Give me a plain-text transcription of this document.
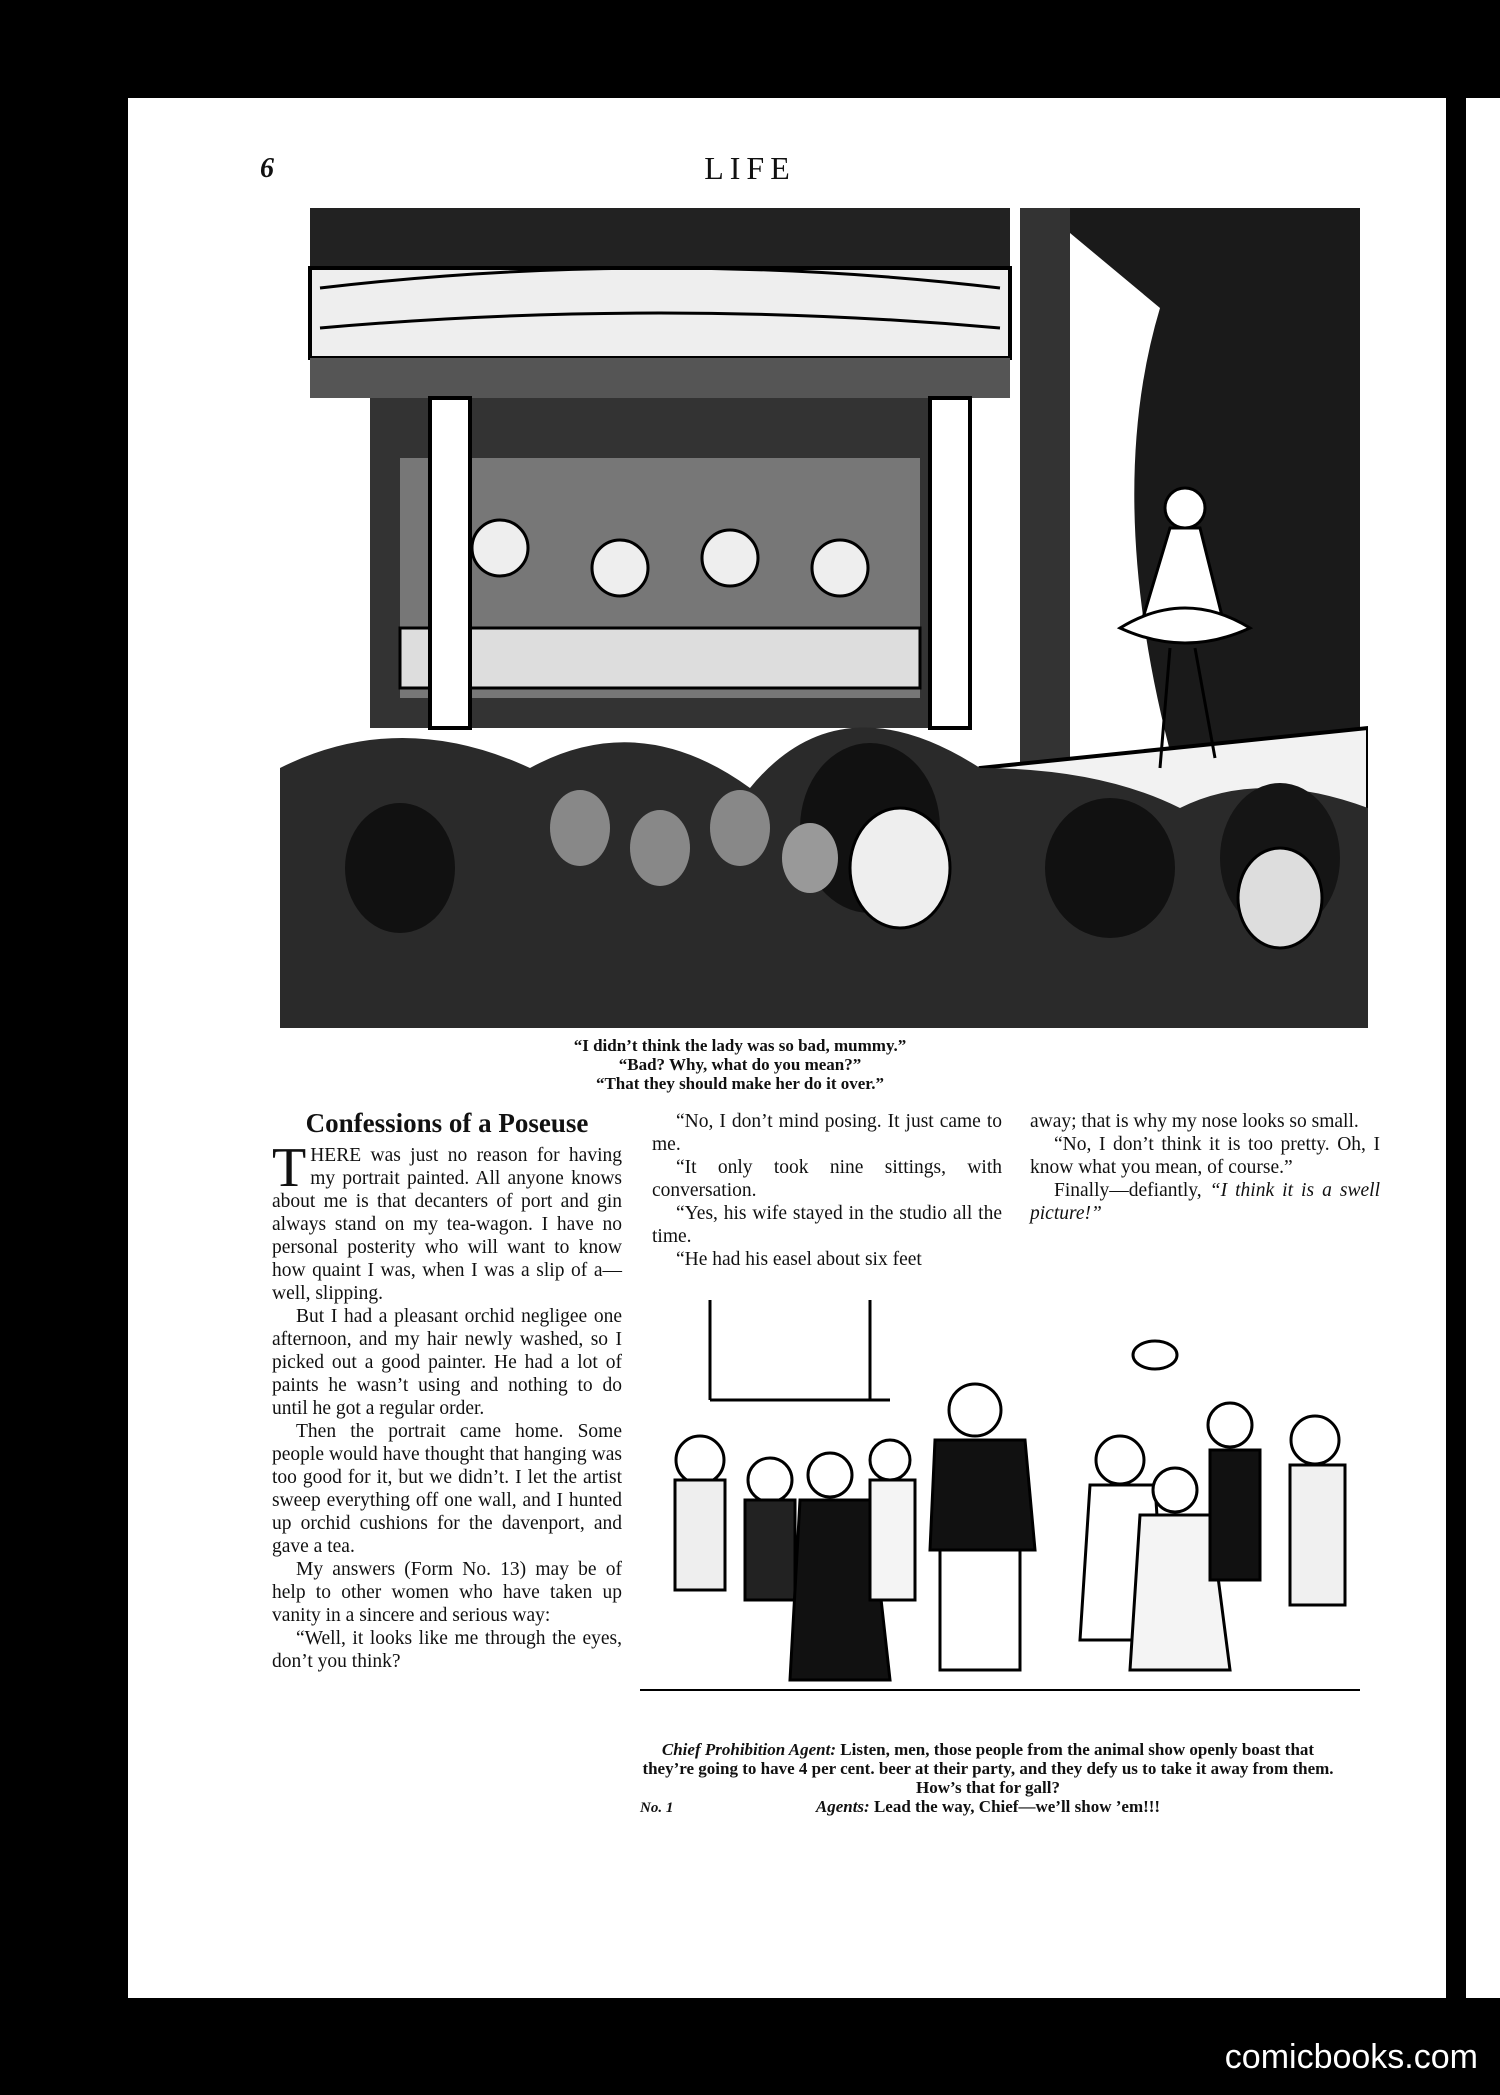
6	LIFE
“I didn’t think the lady was so bad, mummy.”
“Bad? Why, what do you mean?”
“That they should make her do it over.”
Confessions of a Poseuse

THERE was just no reason for having my portrait painted. All anyone knows about me is that decanters of port and gin always stand on my tea-wagon. I have no personal posterity who will want to know how quaint I was, when I was a slip of a—well, slipping.

But I had a pleasant orchid negligee one afternoon, and my hair newly washed, so I picked out a good painter. He had a lot of paints he wasn’t using and nothing to do until he got a regular order.

Then the portrait came home. Some people would have thought that hanging was too good for it, but we didn’t. I let the artist sweep everything off one wall, and I hunted up orchid cushions for the davenport, and gave a tea.

My answers (Form No. 13) may be of help to other women who have taken up vanity in a sincere and serious way:

“Well, it looks like me through the eyes, don’t you think?

“No, I don’t mind posing. It just came to me.

“It only took nine sittings, with conversation.

“Yes, his wife stayed in the studio all the time.

“He had his easel about six feet

away; that is why my nose looks so small.

“No, I don’t think it is too pretty. Oh, I know what you mean, of course.”

Finally—defiantly, “I think it is a swell picture!”

Chief Prohibition Agent: Listen, men, those people from the animal show openly boast that they’re going to have 4 per cent. beer at their party, and they defy us to take it away from them. How’s that for gall?
Agents: Lead the way, Chief—we’ll show ’em!!!
No. 1
comicbooks.com
